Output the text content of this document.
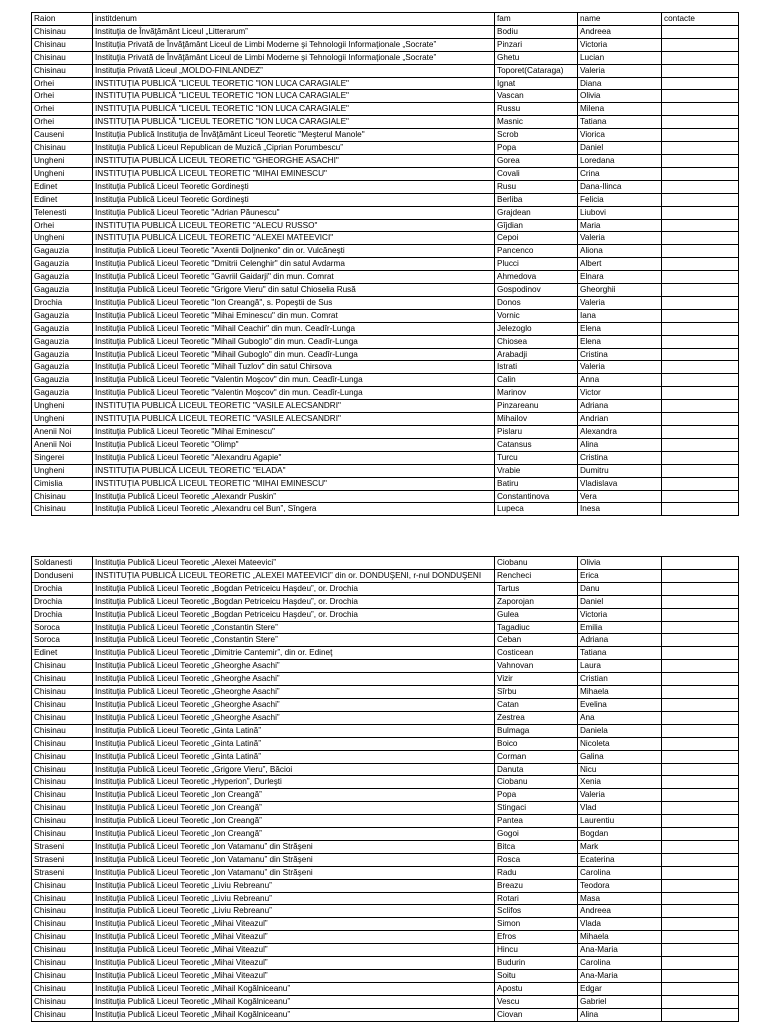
Raion	institdenum	fam	name	contacte
Chisinau	Instituţia de Învăţământ Liceul „Litterarum”	Bodiu	Andreea	
Chisinau	Instituţia Privată de Învăţământ Liceul de Limbi Moderne şi Tehnologii Informaţionale „Socrate”	Pinzari	Victoria	
Chisinau	Instituţia Privată de Învăţământ Liceul de Limbi Moderne şi Tehnologii Informaţionale „Socrate”	Ghetu	Lucian	
Chisinau	Instituţia Privată Liceul „MOLDO-FINLANDEZ”	Toporet(Cataraga)	Valeria	
Orhei	INSTITUŢIA PUBLICĂ "LICEUL TEORETIC "ION LUCA CARAGIALE"	Ignat	Diana	
Orhei	INSTITUŢIA PUBLICĂ "LICEUL TEORETIC "ION LUCA CARAGIALE"	Vascan	Olivia	
Orhei	INSTITUŢIA PUBLICĂ "LICEUL TEORETIC "ION LUCA CARAGIALE"	Russu	Milena	
Orhei	INSTITUŢIA PUBLICĂ "LICEUL TEORETIC "ION LUCA CARAGIALE"	Masnic	Tatiana	
Causeni	Instituţia Publică Instituţia de Învăţământ Liceul Teoretic "Meşterul Manole"	Scrob	Viorica	
Chisinau	Instituţia Publică Liceul Republican de Muzică „Ciprian Porumbescu”	Popa	Daniel	
Ungheni	INSTITUŢIA PUBLICĂ LICEUL TEORETIC "GHEORGHE ASACHI"	Gorea	Loredana	
Ungheni	INSTITUŢIA PUBLICĂ LICEUL TEORETIC "MIHAI EMINESCU"	Covali	Crina	
Edinet	Instituţia Publică Liceul Teoretic Gordineşti	Rusu	Dana-Ilinca	
Edinet	Instituţia Publică Liceul Teoretic Gordineşti	Berliba	Felicia	
Telenesti	Instituţia Publică Liceul Teoretic "Adrian Păunescu"	Grajdean	Liubovi	
Orhei	INSTITUŢIA PUBLICĂ LICEUL TEORETIC "ALECU RUSSO"	Gîjdian	Maria	
Ungheni	INSTITUŢIA PUBLICĂ LICEUL TEORETIC "ALEXEI MATEEVICI"	Cepoi	Valeria	
Gagauzia	Instituţia Publică Liceul Teoretic "Axentii Doljnenko" din or. Vulcăneşti	Pancenco	Aliona	
Gagauzia	Instituţia Publică Liceul Teoretic "Dmitrii Celenghir" din satul Avdarma	Plucci	Albert	
Gagauzia	Instituţia Publică Liceul Teoretic "Gavriil Gaidarji" din mun. Comrat	Ahmedova	Elnara	
Gagauzia	Instituţia Publică Liceul Teoretic "Grigore Vieru" din satul Chioselia Rusă	Gospodinov	Gheorghii	
Drochia	Instituţia Publică Liceul Teoretic "Ion Creangă", s. Popeştii de Sus	Donos	Valeria	
Gagauzia	Instituţia Publică Liceul Teoretic "Mihai Eminescu" din mun. Comrat	Vornic	Iana	
Gagauzia	Instituţia Publică Liceul Teoretic "Mihail Ceachir" din mun. Ceadîr-Lunga	Jelezoglo	Elena	
Gagauzia	Instituţia Publică Liceul Teoretic "Mihail Guboglo" din mun. Ceadîr-Lunga	Chiosea	Elena	
Gagauzia	Instituţia Publică Liceul Teoretic "Mihail Guboglo" din mun. Ceadîr-Lunga	Arabadji	Cristina	
Gagauzia	Instituţia Publică Liceul Teoretic "Mihail Tuzlov" din satul Chirsova	Istrati	Valeria	
Gagauzia	Instituţia Publică Liceul Teoretic "Valentin Moşcov" din mun. Ceadîr-Lunga	Calin	Anna	
Gagauzia	Instituţia Publică Liceul Teoretic "Valentin Moşcov" din mun. Ceadîr-Lunga	Marinov	Victor	
Ungheni	INSTITUŢIA PUBLICĂ LICEUL TEORETIC "VASILE ALECSANDRI"	Pinzareanu	Adriana	
Ungheni	INSTITUŢIA PUBLICĂ LICEUL TEORETIC "VASILE ALECSANDRI"	Mihailov	Andrian	
Anenii Noi	Instituţia Publică Liceul Teoretic "Mihai Eminescu"	Pislaru	Alexandra	
Anenii Noi	Instituţia Publică Liceul Teoretic "Olimp"	Catansus	Alina	
Singerei	Instituţia Publică Liceul Teoretic "Alexandru Agapie"	Turcu	Cristina	
Ungheni	INSTITUŢIA PUBLICĂ LICEUL TEORETIC "ELADA"	Vrabie	Dumitru	
Cimislia	INSTITUŢIA PUBLICĂ LICEUL TEORETIC "MIHAI EMINESCU"	Batiru	Vladislava	
Chisinau	Instituţia Publică Liceul Teoretic „Alexandr Puskin”	Constantinova	Vera	
Chisinau	Instituţia Publică Liceul Teoretic „Alexandru cel Bun”, Sîngera	Lupeca	Inesa	
Soldanesti	Instituţia Publică Liceul Teoretic „Alexei Mateevici”	Ciobanu	Olivia	
Donduseni	INSTITUŢIA PUBLICĂ LICEUL TEORETIC „ALEXEI MATEEVICI” din or. DONDUŞENI, r-nul DONDUŞENI	Rencheci	Erica	
Drochia	Instituţia Publică Liceul Teoretic „Bogdan Petriceicu Haşdeu”, or. Drochia	Tartus	Danu	
Drochia	Instituţia Publică Liceul Teoretic „Bogdan Petriceicu Haşdeu”, or. Drochia	Zaporojan	Daniel	
Drochia	Instituţia Publică Liceul Teoretic „Bogdan Petriceicu Haşdeu”, or. Drochia	Gulea	Victoria	
Soroca	Instituţia Publică Liceul Teoretic „Constantin Stere”	Tagadiuc	Emilia	
Soroca	Instituţia Publică Liceul Teoretic „Constantin Stere”	Ceban	Adriana	
Edinet	Instituţia Publică Liceul Teoretic „Dimitrie Cantemir”, din or. Edineţ	Costicean	Tatiana	
Chisinau	Instituţia Publică Liceul Teoretic „Gheorghe Asachi”	Vahnovan	Laura	
Chisinau	Instituţia Publică Liceul Teoretic „Gheorghe Asachi”	Vizir	Cristian	
Chisinau	Instituţia Publică Liceul Teoretic „Gheorghe Asachi”	Sîrbu	Mihaela	
Chisinau	Instituţia Publică Liceul Teoretic „Gheorghe Asachi”	Catan	Evelina	
Chisinau	Instituţia Publică Liceul Teoretic „Gheorghe Asachi”	Zestrea	Ana	
Chisinau	Instituţia Publică Liceul Teoretic „Ginta Latină”	Bulmaga	Daniela	
Chisinau	Instituţia Publică Liceul Teoretic „Ginta Latină”	Boico	Nicoleta	
Chisinau	Instituţia Publică Liceul Teoretic „Ginta Latină”	Corman	Galina	
Chisinau	Instituţia Publică Liceul Teoretic „Grigore Vieru”, Băcioi	Danuta	Nicu	
Chisinau	Instituţia Publică Liceul Teoretic „Hyperion”, Durleşti	Ciobanu	Xenia	
Chisinau	Instituţia Publică Liceul Teoretic „Ion Creangă”	Popa	Valeria	
Chisinau	Instituţia Publică Liceul Teoretic „Ion Creangă”	Stingaci	Vlad	
Chisinau	Instituţia Publică Liceul Teoretic „Ion Creangă”	Pantea	Laurentiu	
Chisinau	Instituţia Publică Liceul Teoretic „Ion Creangă”	Gogoi	Bogdan	
Straseni	Instituţia Publică Liceul Teoretic „Ion Vatamanu” din Străşeni	Bitca	Mark	
Straseni	Instituţia Publică Liceul Teoretic „Ion Vatamanu” din Străşeni	Rosca	Ecaterina	
Straseni	Instituţia Publică Liceul Teoretic „Ion Vatamanu” din Străşeni	Radu	Carolina	
Chisinau	Instituţia Publică Liceul Teoretic „Liviu Rebreanu”	Breazu	Teodora	
Chisinau	Instituţia Publică Liceul Teoretic „Liviu Rebreanu”	Rotari	Masa	
Chisinau	Instituţia Publică Liceul Teoretic „Liviu Rebreanu”	Sclifos	Andreea	
Chisinau	Instituţia Publică Liceul Teoretic „Mihai Viteazul”	Simon	Vlada	
Chisinau	Instituţia Publică Liceul Teoretic „Mihai Viteazul”	Efros	Mihaela	
Chisinau	Instituţia Publică Liceul Teoretic „Mihai Viteazul”	Hincu	Ana-Maria	
Chisinau	Instituţia Publică Liceul Teoretic „Mihai Viteazul”	Budurin	Carolina	
Chisinau	Instituţia Publică Liceul Teoretic „Mihai Viteazul”	Soitu	Ana-Maria	
Chisinau	Instituţia Publică Liceul Teoretic „Mihail Kogălniceanu”	Apostu	Edgar	
Chisinau	Instituţia Publică Liceul Teoretic „Mihail Kogălniceanu”	Vescu	Gabriel	
Chisinau	Instituţia Publică Liceul Teoretic „Mihail Kogălniceanu”	Ciovan	Alina	
